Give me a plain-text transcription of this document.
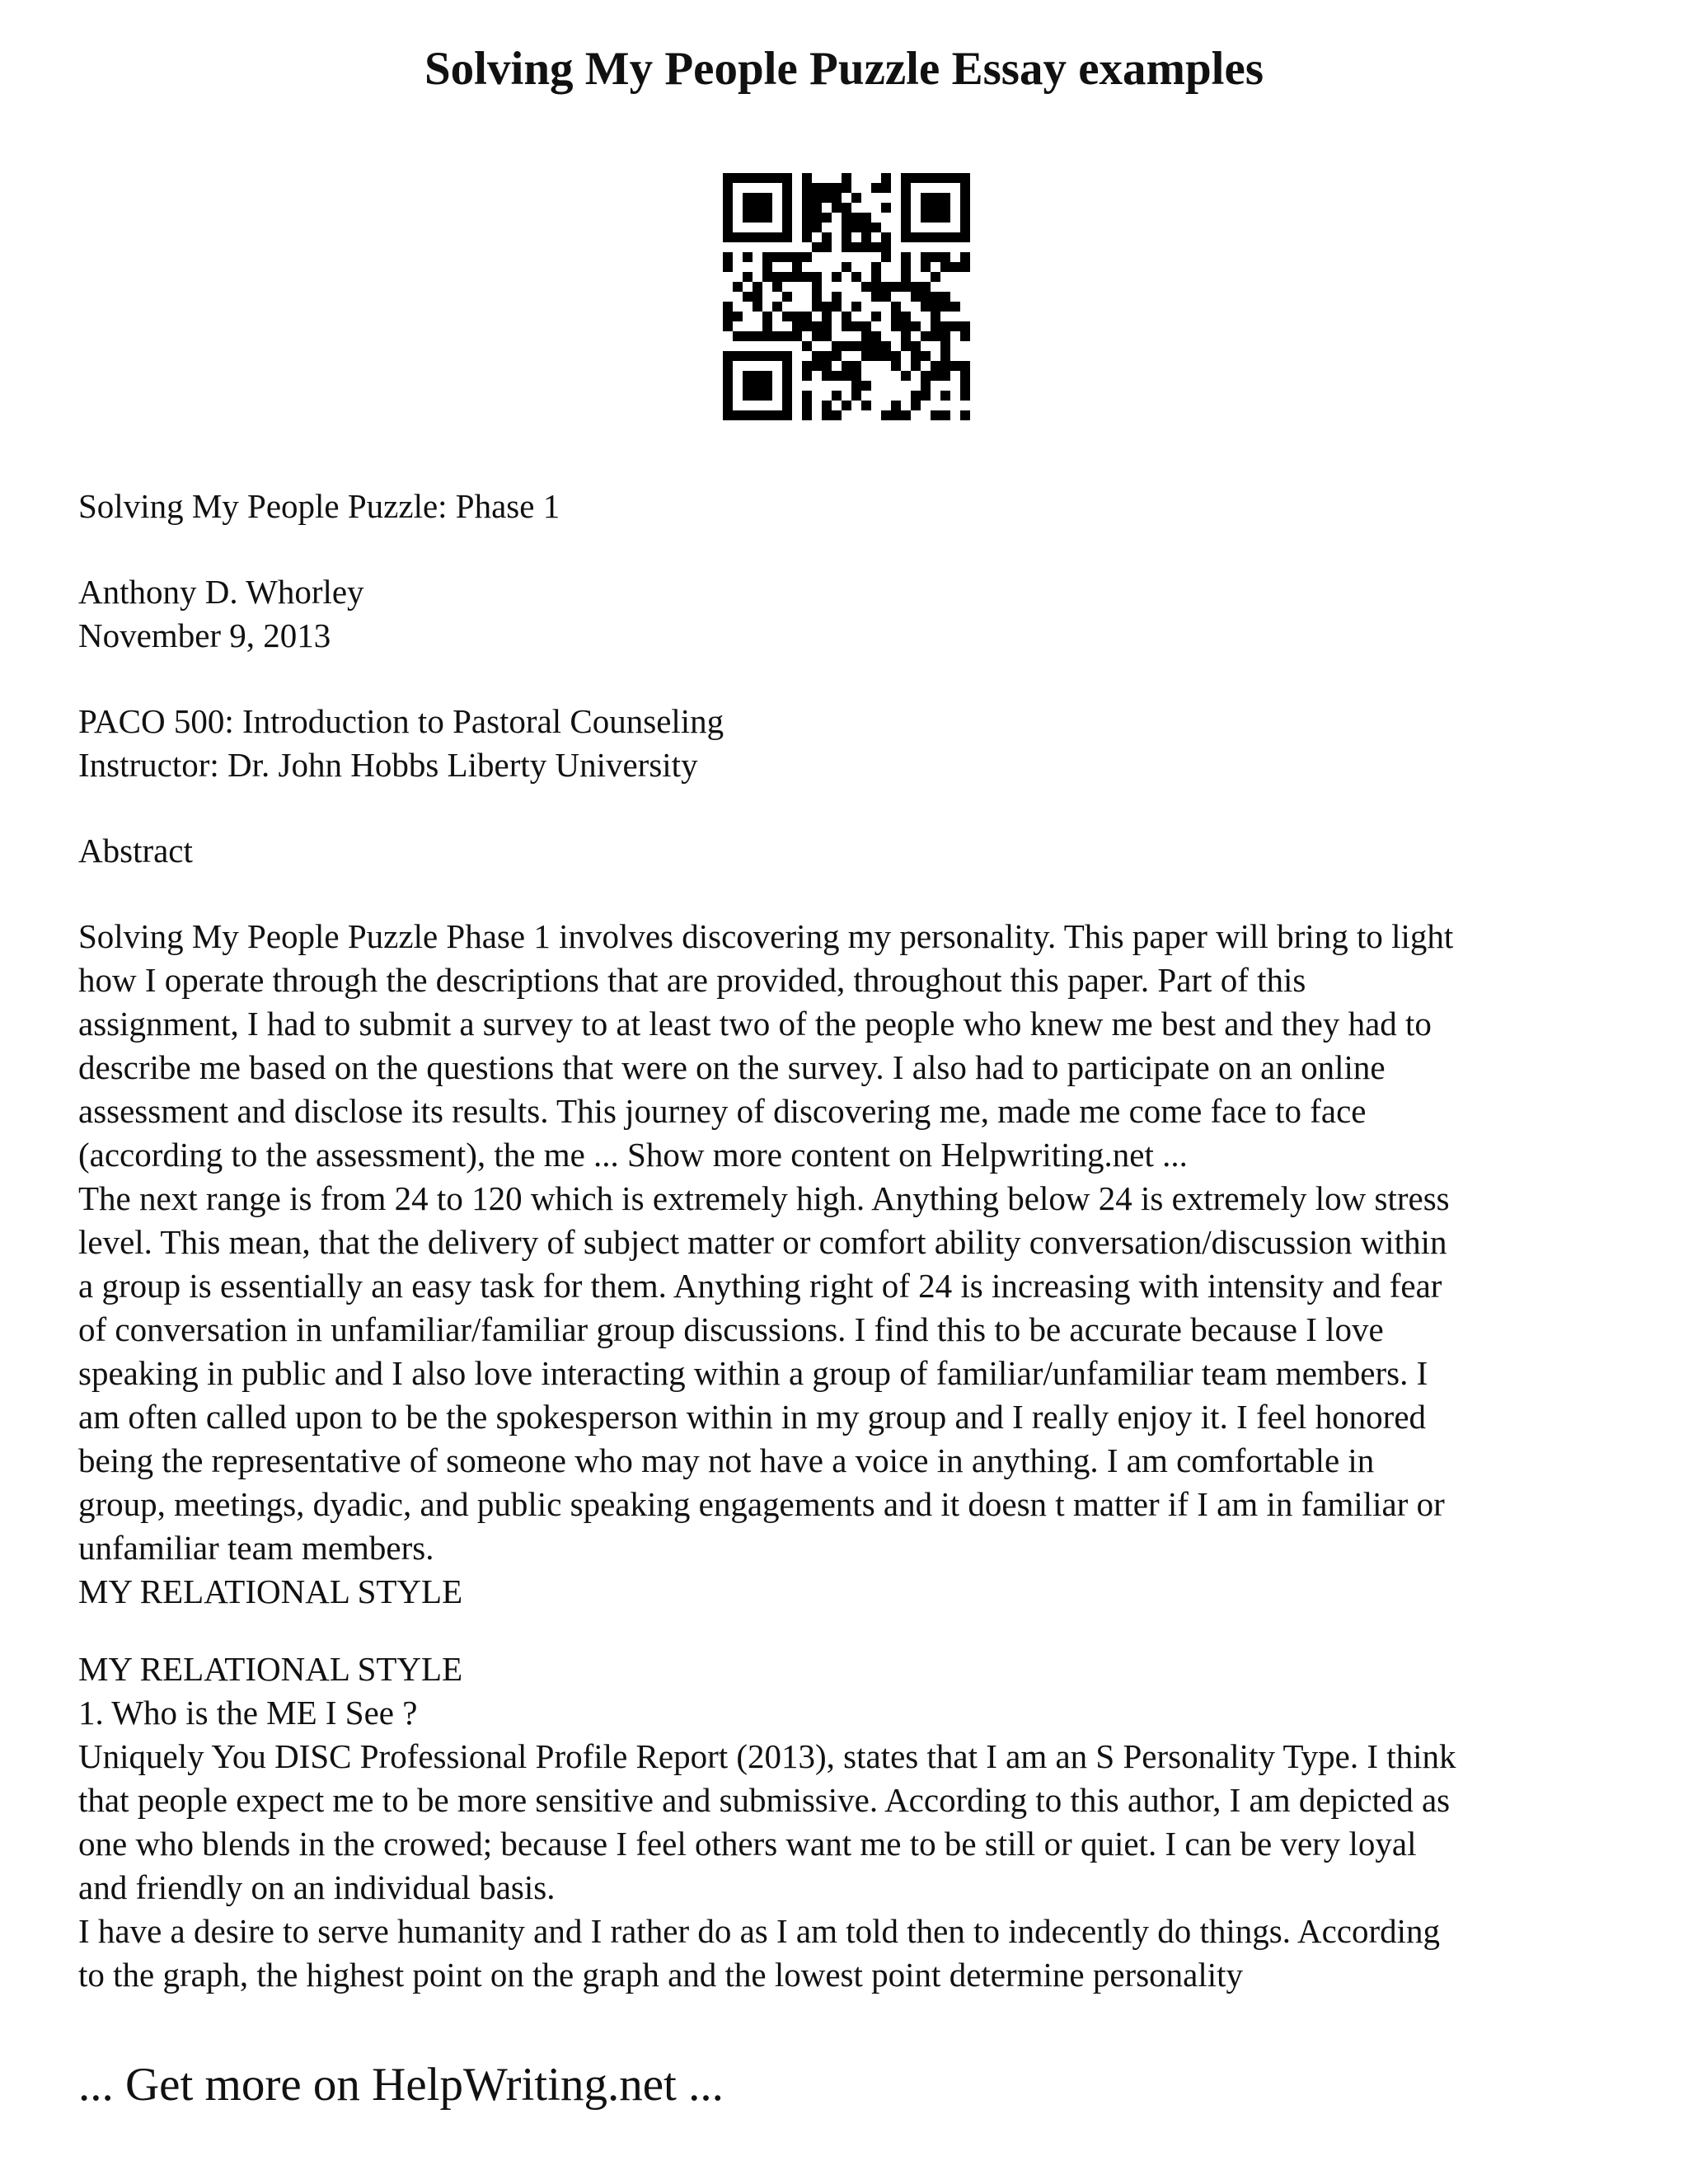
Solving My People Puzzle Essay examples

Solving My People Puzzle: Phase 1

Anthony D. Whorley

November 9, 2013

PACO 500: Introduction to Pastoral Counseling

Instructor: Dr. John Hobbs Liberty University

Abstract

Solving My People Puzzle Phase 1 involves discovering my personality. This paper will bring to light
how I operate through the descriptions that are provided, throughout this paper. Part of this
assignment, I had to submit a survey to at least two of the people who knew me best and they had to
describe me based on the questions that were on the survey. I also had to participate on an online
assessment and disclose its results. This journey of discovering me, made me come face to face
(according to the assessment), the me ... Show more content on Helpwriting.net ...
The next range is from 24 to 120 which is extremely high. Anything below 24 is extremely low stress
level. This mean, that the delivery of subject matter or comfort ability conversation/discussion within
a group is essentially an easy task for them. Anything right of 24 is increasing with intensity and fear
of conversation in unfamiliar/familiar group discussions. I find this to be accurate because I love
speaking in public and I also love interacting within a group of familiar/unfamiliar team members. I
am often called upon to be the spokesperson within in my group and I really enjoy it. I feel honored
being the representative of someone who may not have a voice in anything. I am comfortable in
group, meetings, dyadic, and public speaking engagements and it doesn t matter if I am in familiar or
unfamiliar team members.
MY RELATIONAL STYLE
MY RELATIONAL STYLE
1. Who is the ME I See ?
Uniquely You DISC Professional Profile Report (2013), states that I am an S Personality Type. I think
that people expect me to be more sensitive and submissive. According to this author, I am depicted as
one who blends in the crowed; because I feel others want me to be still or quiet. I can be very loyal
and friendly on an individual basis.
I have a desire to serve humanity and I rather do as I am told then to indecently do things. According
to the graph, the highest point on the graph and the lowest point determine personality

... Get more on HelpWriting.net ...
